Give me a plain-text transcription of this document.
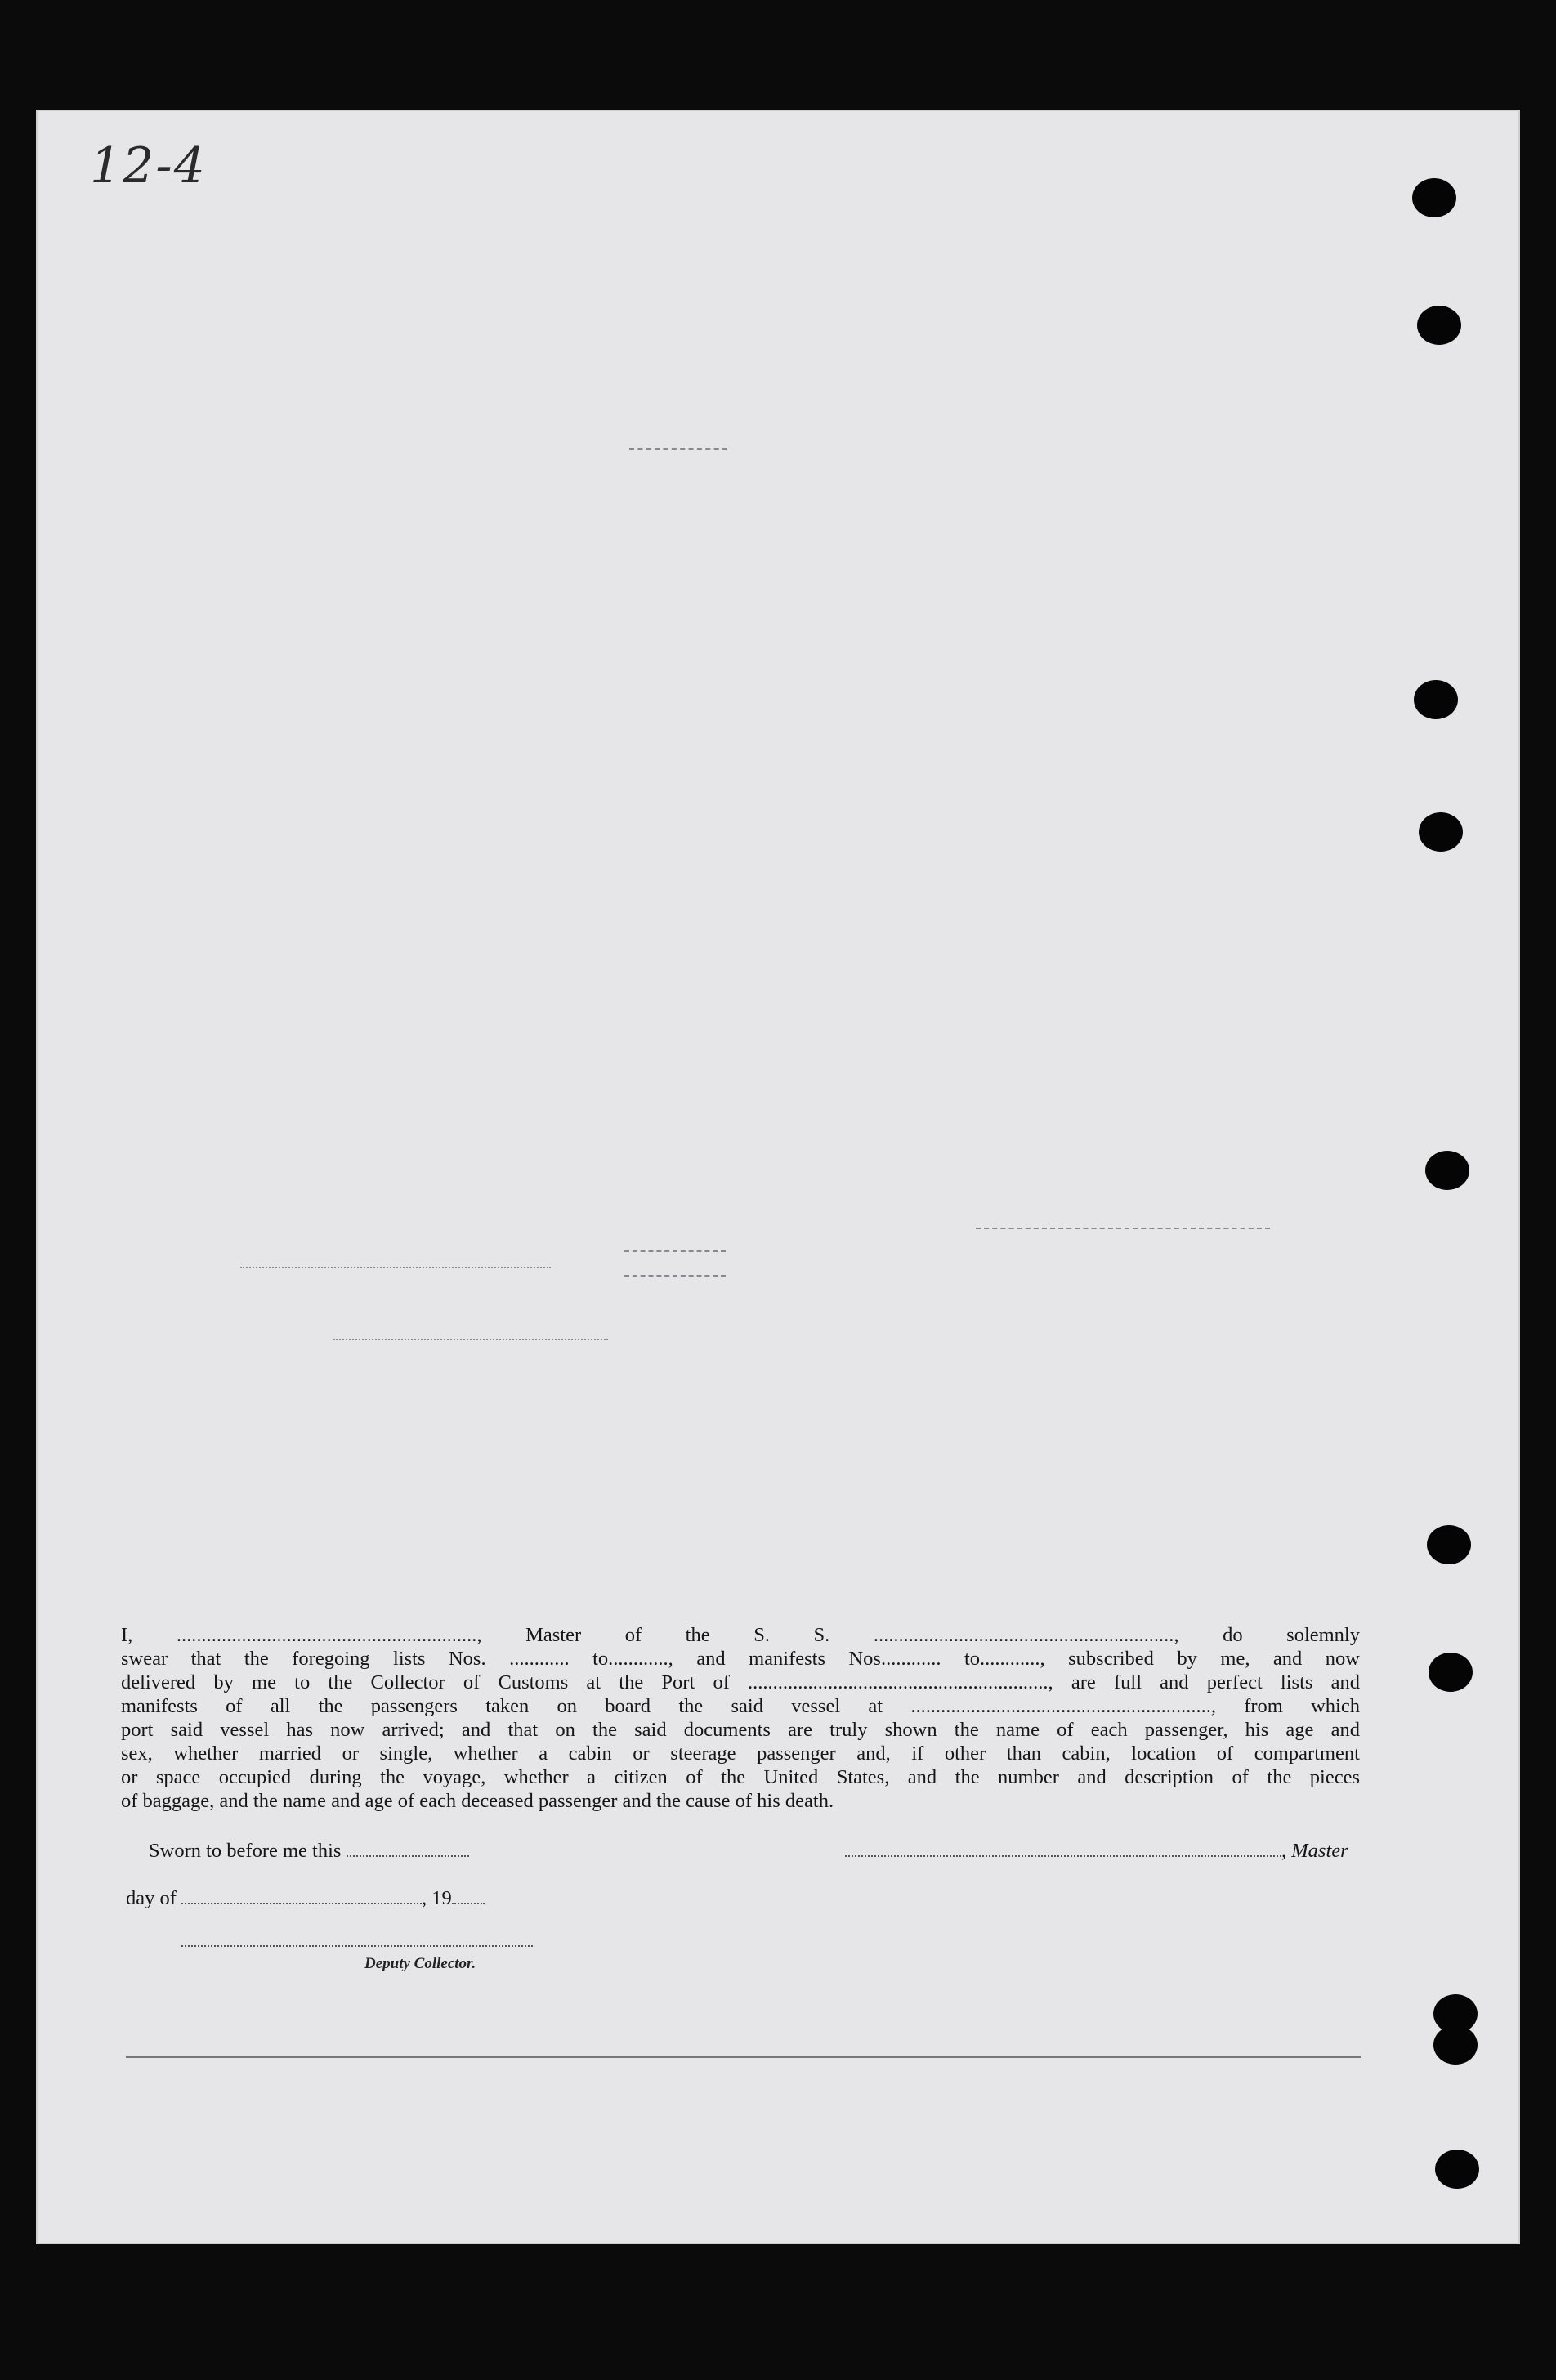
12-4
I, ............................................................, Master of the S. S. ............................................................, do solemnly
swear that the foregoing lists Nos. ............ to............, and manifests Nos............ to............, subscribed by me, and now
delivered by me to the Collector of Customs at the Port of ............................................................, are full and perfect lists and
manifests of all the passengers taken on board the said vessel at ............................................................, from which
port said vessel has now arrived; and that on the said documents are truly shown the name of each passenger, his age and
sex, whether married or single, whether a cabin or steerage passenger and, if other than cabin, location of compartment
or space occupied during the voyage, whether a citizen of the United States, and the number and description of the pieces
of baggage, and the name and age of each deceased passenger and the cause of his death.
Sworn to before me this	, Master
day of	, 19
Deputy Collector.
